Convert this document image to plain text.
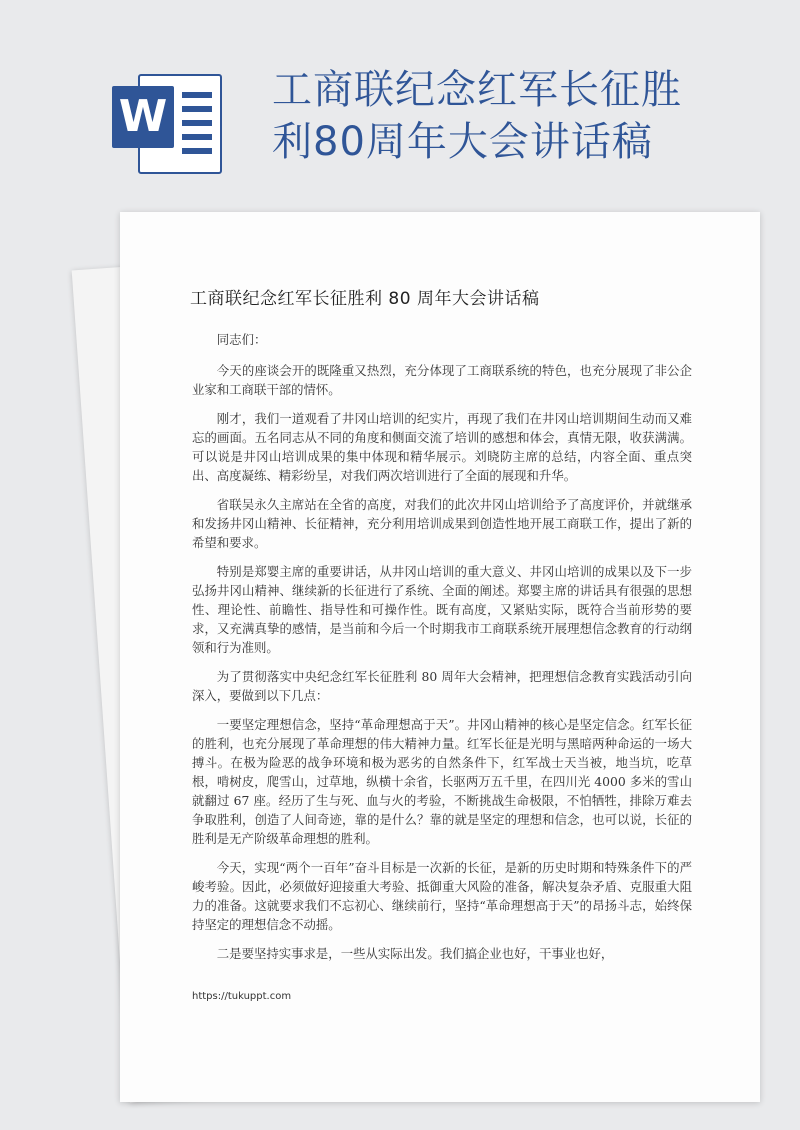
W
工商联纪念红军长征胜
利80周年大会讲话稿
工商联纪念红军长征胜利 80 周年大会讲话稿

同志们：

今天的座谈会开的既隆重又热烈，充分体现了工商联系统的特色，也充分展现了非公企业家和工商联干部的情怀。

刚才，我们一道观看了井冈山培训的纪实片，再现了我们在井冈山培训期间生动而又难忘的画面。五名同志从不同的角度和侧面交流了培训的感想和体会，真情无限，收获满满。可以说是井冈山培训成果的集中体现和精华展示。刘晓防主席的总结，内容全面、重点突出、高度凝练、精彩纷呈，对我们两次培训进行了全面的展现和升华。

省联吴永久主席站在全省的高度，对我们的此次井冈山培训给予了高度评价，并就继承和发扬井冈山精神、长征精神，充分利用培训成果到创造性地开展工商联工作，提出了新的希望和要求。

特别是郑婴主席的重要讲话，从井冈山培训的重大意义、井冈山培训的成果以及下一步弘扬井冈山精神、继续新的长征进行了系统、全面的阐述。郑婴主席的讲话具有很强的思想性、理论性、前瞻性、指导性和可操作性。既有高度，又紧贴实际，既符合当前形势的要求，又充满真挚的感情，是当前和今后一个时期我市工商联系统开展理想信念教育的行动纲领和行为准则。

为了贯彻落实中央纪念红军长征胜利 80 周年大会精神，把理想信念教育实践活动引向深入，要做到以下几点：

一要坚定理想信念，坚持“革命理想高于天”。井冈山精神的核心是坚定信念。红军长征的胜利，也充分展现了革命理想的伟大精神力量。红军长征是光明与黑暗两种命运的一场大搏斗。在极为险恶的战争环境和极为恶劣的自然条件下，红军战士天当被，地当坑，吃草根，啃树皮，爬雪山，过草地，纵横十余省，长驱两万五千里，在四川光 4000 多米的雪山就翻过 67 座。经历了生与死、血与火的考验，不断挑战生命极限，不怕牺牲，排除万难去争取胜利，创造了人间奇迹，靠的是什么？靠的就是坚定的理想和信念，也可以说，长征的胜利是无产阶级革命理想的胜利。

今天，实现“两个一百年”奋斗目标是一次新的长征，是新的历史时期和特殊条件下的严峻考验。因此，必须做好迎接重大考验、抵御重大风险的准备，解决复杂矛盾、克服重大阻力的准备。这就要求我们不忘初心、继续前行，坚持“革命理想高于天”的昂扬斗志，始终保持坚定的理想信念不动摇。

二是要坚持实事求是，一些从实际出发。我们搞企业也好，干事业也好，

https://tukuppt.com
